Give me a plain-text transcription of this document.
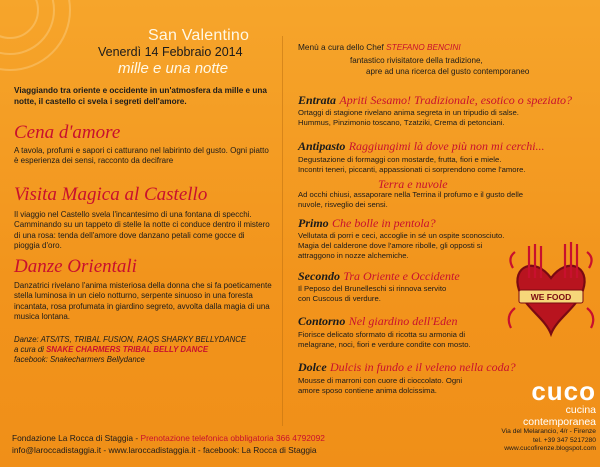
San Valentino
Venerdì 14 Febbraio 2014
mille e una notte
Viaggiando tra oriente e occidente in un'atmosfera da mille e una notte, il castello ci svela i segreti dell'amore.
Cena d'amore
A tavola, profumi e sapori ci catturano nel labirinto del gusto. Ogni piatto è esperienza dei sensi, racconto da decifrare
Visita Magica al Castello
Il viaggio nel Castello svela l'incantesimo di una fontana di specchi. Camminando su un tappeto di stelle la notte ci conduce dentro il mistero di una rosa: tenda dell'amore dove danzano petali come gocce di pioggia d'oro.
Danze Orientali
Danzatrici rivelano l'anima misteriosa della donna che si fa poeticamente stella luminosa in un cielo notturno, serpente sinuoso in una foresta incantata, rosa profumata in giardino segreto, avvolta dalla magia di una musica lontana.
Danze: ATS/ITS, TRIBAL FUSION, RAQS SHARKY BELLYDANCE
a cura di SNAKE CHARMERS TRIBAL BELLY DANCE
facebook: Snakecharmers Bellydance
Fondazione La Rocca di Staggia - Prenotazione telefonica obbligatoria 366 4792092
info@laroccadistaggia.it - www.laroccadistaggia.it - facebook: La Rocca di Staggia
Menù a cura dello Chef STEFANO BENCINI
fantastico rivisitatore della tradizione,
apre ad una ricerca del gusto contemporaneo
Entrata Apriti Sesamo! Tradizionale, esotico o speziato?
Ortaggi di stagione rivelano anima segreta in un tripudio di salse. Hummus, Pinzimonio toscano, Tzatziki, Crema di petonciani.
Antipasto Raggiungimi là dove più non mi cerchi...
Degustazione di formaggi con mostarde, frutta, fiori e miele. Incontri teneri, piccanti, appassionati ci sorprendono come l'amore.
Terra e nuvole
Ad occhi chiusi, assaporare nella Terrina il profumo e il gusto delle nuvole, risveglio dei sensi.
Primo Che bolle in pentola?
Vellutata di porri e ceci, accoglie in sé un ospite sconosciuto. Magia del calderone dove l'amore ribolle, gli opposti si attraggono in nozze alchemiche.
Secondo Tra Oriente e Occidente
Il Peposo del Brunelleschi si rinnova servito con Cuscous di verdure.
Contorno Nel giardino dell'Eden
Fiorisce delicato sformato di ricotta su armonia di melagrane, noci, fiori e verdure condite con mosto.
Dolce Dulcis in fundo e il veleno nella coda?
Mousse di marroni con cuore di cioccolato. Ogni amore sposo contiene anima dolcissima.
WE FOOD
cuco
cucina contemporanea
Via del Melarancio, 4/r - Firenze
tel. +39 347 5217280
www.cucofirenze.blogspot.com
